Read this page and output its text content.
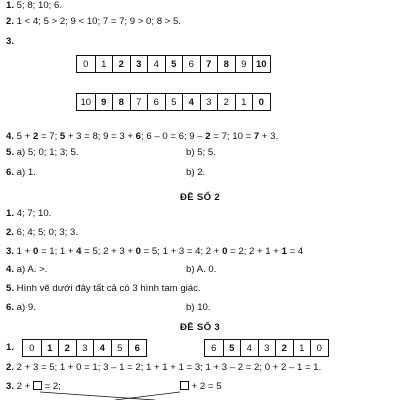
1. 5; 8; 10; 6.
2. 1 < 4; 5 > 2; 9 < 10; 7 = 7; 9 > 0; 8 > 5.
3.
0	1	2	3	4	5	6	7	8	9	10
10	9	8	7	6	5	4	3	2	1	0
4. 5 + 2 = 7; 5 + 3 = 8; 9 = 3 + 6; 6 – 0 = 6; 9 – 2 = 7; 10 = 7 + 3.
5. a) 5; 0; 1; 3; 5.	b) 5; 5.
6. a) 1.	b) 2.
ĐỀ SỐ 2
1. 4; 7; 10.
2. 6; 4; 5; 0; 3; 3.
3. 1 + 0 = 1; 1 + 4 = 5; 2 + 3 + 0 = 5; 1 + 3 = 4; 2 + 0 = 2; 2 + 1 + 1 = 4
4. a) A. >.	b) A. 0.
5. Hình vẽ dưới đây tất cả có 3 hình tam giác.
6. a) 9.	b) 10.
ĐỀ SỐ 3
1.	0	1	2	3	4	5	6	6	5	4	3	2	1	0
2. 2 + 3 = 5; 1 + 0 = 1; 3 – 1 = 2; 1 + 1 + 1 = 3; 1 + 3 – 2 = 2; 0 + 2 – 1 = 1.
3. 2 +  = 2;	+ 2 = 5
